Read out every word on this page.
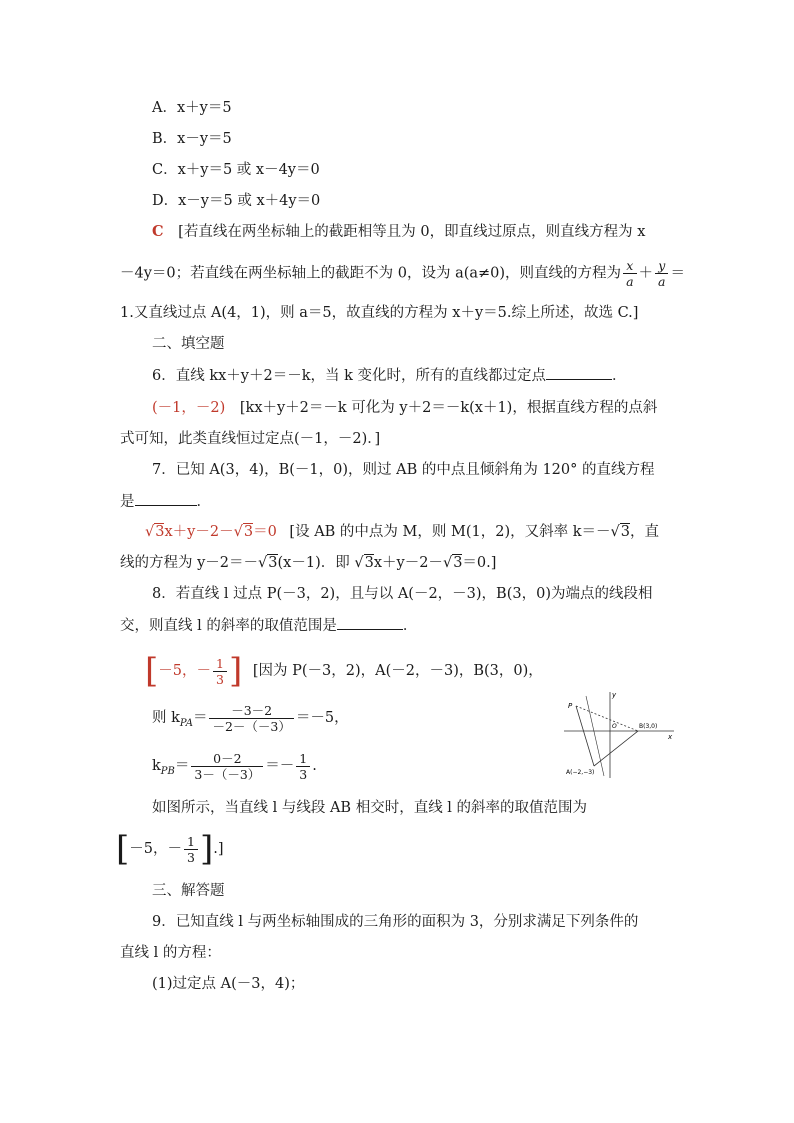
A．x＋y＝5
B．x－y＝5
C．x＋y＝5 或 x－4y＝0
D．x－y＝5 或 x＋4y＝0
C [若直线在两坐标轴上的截距相等且为 0，即直线过原点，则直线方程为 x
－4y＝0；若直线在两坐标轴上的截距不为 0，设为 a(a≠0)，则直线的方程为 $\frac{x}{a} + \frac{y}{a}$ ＝
1.又直线过点 A(4，1)，则 a＝5，故直线的方程为 x＋y＝5.综上所述，故选 C.]
二、填空题
6．直线 kx＋y＋2＝－k，当 k 变化时，所有的直线都过定点	．
(－1，－2) [kx＋y＋2＝－k 可化为 y＋2＝－k(x＋1)，根据直线方程的点斜
式可知，此类直线恒过定点(－1，－2)．]
7．已知 A(3，4)，B(－1，0)，则过 AB 的中点且倾斜角为 120° 的直线方程
是	．
√3x＋y－2－√3＝0 [设 AB 的中点为 M，则 M(1，2)，又斜率 k＝－√3，直
线的方程为 y－2＝－√3(x－1)．即 √3x＋y－2－√3＝0.]
8．若直线 l 过点 P(－3，2)，且与以 A(－2，－3)，B(3，0)为端点的线段相
交，则直线 l 的斜率的取值范围是	．
[－5，－ $\frac{1}{3}$ ] [因为 P(－3，2)，A(－2，－3)，B(3，0)，
则 $k_{PA}= \frac{-3-2}{-2-(-3)} =-5$，
$k_{PB}= \frac{0-2}{3-(-3)} =- \frac{1}{3}$ .
y
x
P
O	B(3,0)
A(−2,−3)
如图所示，当直线 l 与线段 AB 相交时，直线 l 的斜率的取值范围为
[－5，－ $\frac{1}{3}$ ].]
三、解答题
9．已知直线 l 与两坐标轴围成的三角形的面积为 3，分别求满足下列条件的
直线 l 的方程：
(1)过定点 A(－3，4)；
